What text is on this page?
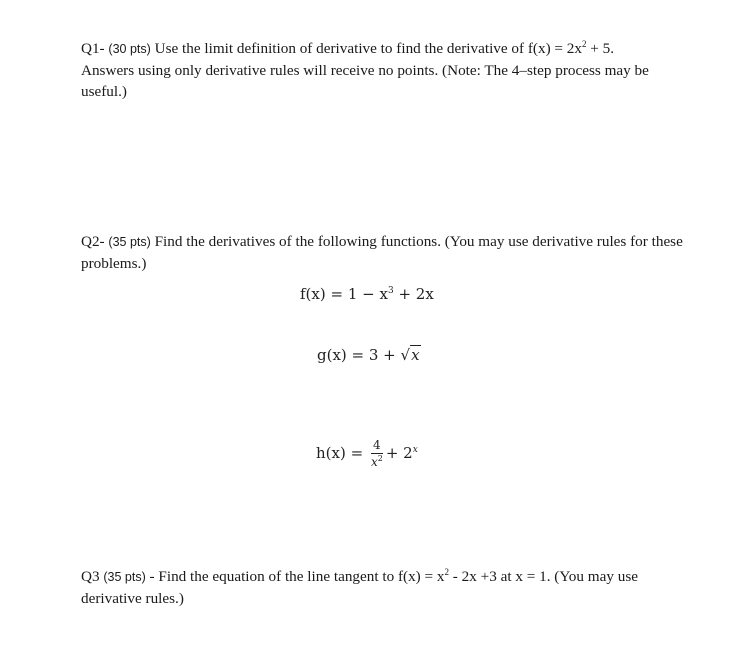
Q1- (30 pts) Use the limit definition of derivative to find the derivative of $f(x) = 2x^2 + 5$.
Answers using only derivative rules will receive no points. (Note: The 4–step process may be useful.)

Q2- (35 pts) Find the derivatives of the following functions. (You may use derivative rules for these problems.)

$f(x) = 1 - x^3 + 2x$
g(x) = 3 + √x
$h(x) = \frac{4}{x^2} + 2^x$

Q3 (35 pts) - Find the equation of the line tangent to $f(x) = x^2 - 2x +3$ at x = 1. (You may use derivative rules.)
